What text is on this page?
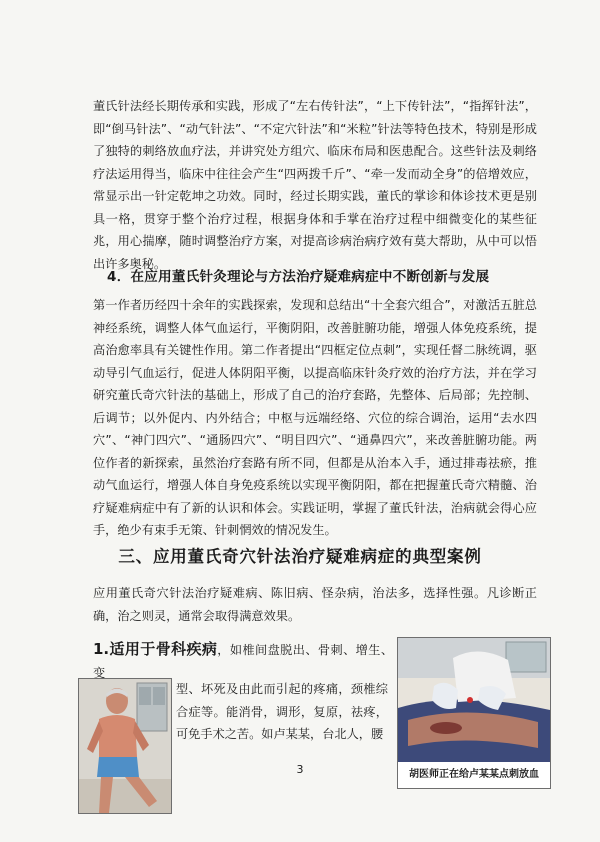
董氏针法经长期传承和实践，形成了“左右传针法”，“上下传针法”，“指挥针法”，即“倒马针法”、“动气针法”、“不定穴针法”和“米粒”针法等特色技术，特别是形成了独特的刺络放血疗法，并讲究处方组穴、临床布局和医患配合。这些针法及刺络疗法运用得当，临床中往往会产生“四两拨千斤”、“牵一发而动全身”的倍增效应，常显示出一针定乾坤之功效。同时，经过长期实践，董氏的掌诊和体诊技术更是别具一格，贯穿于整个治疗过程，根据身体和手掌在治疗过程中细微变化的某些征兆，用心揣摩，随时调整治疗方案，对提高诊病治病疗效有莫大帮助，从中可以悟出许多奥秘。

4．在应用董氏针灸理论与方法治疗疑难病症中不断创新与发展

第一作者历经四十余年的实践探索，发现和总结出“十全套穴组合”，对激活五脏总神经系统，调整人体气血运行，平衡阴阳，改善脏腑功能，增强人体免疫系统，提高治愈率具有关键性作用。第二作者提出“四框定位点刺”，实现任督二脉统调，驱动导引气血运行，促进人体阴阳平衡，以提高临床针灸疗效的治疗方法，并在学习研究董氏奇穴针法的基础上，形成了自己的治疗套路，先整体、后局部；先控制、后调节；以外促内、内外结合；中枢与远端经络、穴位的综合调治，运用“去水四穴”、“神门四穴”、“通肠四穴”、“明目四穴”、“通鼻四穴”，来改善脏腑功能。两位作者的新探索，虽然治疗套路有所不同，但都是从治本入手，通过排毒祛瘀，推动气血运行，增强人体自身免疫系统以实现平衡阴阳，都在把握董氏奇穴精髓、治疗疑难病症中有了新的认识和体会。实践证明，掌握了董氏针法，治病就会得心应手，绝少有束手无策、针刺惘效的情况发生。

三、应用董氏奇穴针法治疗疑难病症的典型案例

应用董氏奇穴针法治疗疑难病、陈旧病、怪杂病，治法多，选择性强。凡诊断正确，治之则灵，通常会取得满意效果。

1.适用于骨科疾病，如椎间盘脱出、骨刺、增生、变

型、坏死及由此而引起的疼痛，颈椎综合症等。能消骨，调形，复原，祛疼，可免手术之苦。如卢某某，台北人，腰

胡医师正在给卢某某点刺放血
3
